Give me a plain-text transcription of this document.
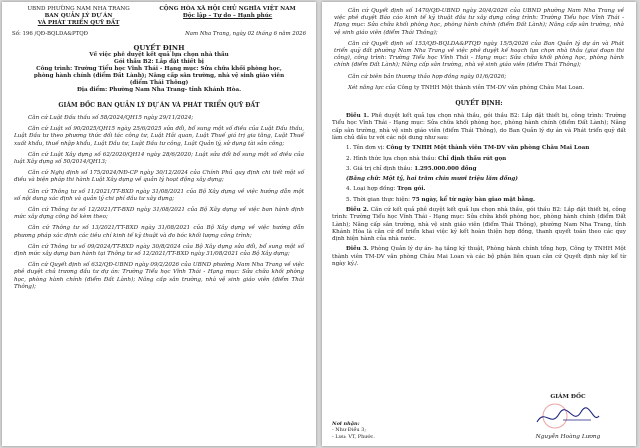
UBND PHƯỜNG NAM NHA TRANG
BAN QUẢN LÝ DỰ ÁN
VÀ PHÁT TRIỂN QUỸ ĐẤT
CỘNG HÒA XÃ HỘI CHỦ NGHĨA VIỆT NAM
Độc lập – Tự do – Hạnh phúc
Số: 196 /QĐ-BQLDA&PTQĐ	Nam Nha Trang, ngày 02 tháng 6 năm 2026
QUYẾT ĐỊNH
Về việc phê duyệt kết quả lựa chọn nhà thầu
Gói thầu B2: Lắp đặt thiết bị
Công trình: Trường Tiểu học Vĩnh Thái - Hạng mục: Sửa chữa khối phòng học,
phòng hành chính (điểm Đất Lành); Nâng cấp sân trường, nhà vệ sinh giáo viên
(điểm Thái Thông)
Địa điểm: Phường Nam Nha Trang- tỉnh Khánh Hòa.
GIÁM ĐỐC BAN QUẢN LÝ DỰ ÁN VÀ PHÁT TRIỂN QUỸ ĐẤT

Căn cứ Luật Đấu thầu số 58/2024/QH15 ngày 29/11/2024;

Căn cứ Luật số 90/2025/QH15 ngày 25/6/2025 sửa đổi, bổ sung một số điều của Luật Đấu thầu, Luật Đầu tư theo phương thức đối tác công tư, Luật Hải quan, Luật Thuế giá trị gia tăng, Luật Thuế xuất khẩu, thuế nhập khẩu, Luật Đầu tư, Luật Đầu tư công, Luật Quản lý, sử dụng tài sản công;

Căn cứ Luật Xây dựng số 62/2020/QH14 ngày 28/6/2020; Luật sửa đổi bổ sung một số điều của luật Xây dựng số 50/2014/QH13;

Căn cứ Nghị định số 175/2024/NĐ-CP ngày 30/12/2024 của Chính Phủ quy định chi tiết một số điều và biện pháp thi hành Luật Xây dựng về quản lý hoạt động xây dựng;

Căn cứ Thông tư số 11/2021/TT-BXD ngày 31/08/2021 của Bộ Xây dựng về việc hướng dẫn một số nội dung xác định và quản lý chi phí đầu tư xây dựng;

Căn cứ Thông tư số 12/2021/TT-BXD ngày 31/08/2021 của Bộ Xây dựng về việc ban hành định mức xây dựng công bố kèm theo;

Căn cứ Thông tư số 13/2021/TT-BXD ngày 31/08/2021 của Bộ Xây dựng về việc hướng dẫn phương pháp xác định các tiêu chí kinh tế kỹ thuật và đo bóc khối lượng công trình;

Căn cứ Thông tư số 09/2024/TT-BXD ngày 30/8/2024 của Bộ Xây dựng sửa đổi, bổ sung một số định mức xây dựng ban hành tại Thông tư số 12/2021/TT-BXD ngày 31/08/2021 của Bộ Xây dựng;

Căn cứ Quyết định số 632/QĐ-UBND ngày 09/2/2026 của UBND phường Nam Nha Trang về việc phê duyệt chủ trương đầu tư dự án: Trường Tiểu học Vĩnh Thái - Hạng mục: Sửa chữa khối phòng học, phòng hành chính (điểm Đất Lành); Nâng cấp sân trường, nhà vệ sinh giáo viên (điểm Thái Thông);

Căn cứ Quyết định số 1470/QĐ-UBND ngày 20/4/2026 của UBND phường Nam Nha Trang về việc phê duyệt Báo cáo kinh tế kỹ thuật đầu tư xây dựng công trình: Trường Tiểu học Vĩnh Thái - Hạng mục: Sửa chữa khối phòng học, phòng hành chính (điểm Đất Lành); Nâng cấp sân trường, nhà vệ sinh giáo viên (điểm Thái Thông);

Căn cứ Quyết định số 153/QĐ-BQLDA&PTQĐ ngày 15/5/2026 của Ban Quản lý dự án và Phát triển quỹ đất phường Nam Nha Trang về việc phê duyệt kế hoạch lựa chọn nhà thầu (giai đoạn thi công), công trình: Trường Tiểu học Vĩnh Thái - Hạng mục: Sửa chữa khối phòng học, phòng hành chính (điểm Đất Lành); Nâng cấp sân trường, nhà vệ sinh giáo viên (điểm Thái Thông);

Căn cứ biên bản thương thảo hợp đồng ngày 01/6/2026;

Xét năng lực của Công ty TNHH Một thành viên TM-DV văn phòng Châu Mai Loan.

QUYẾT ĐỊNH:

Điều 1. Phê duyệt kết quả lựa chọn nhà thầu, gói thầu B2: Lắp đặt thiết bị, công trình: Trường Tiểu học Vĩnh Thái - Hạng mục: Sửa chữa khối phòng học, phòng hành chính (điểm Đất Lành); Nâng cấp sân trường, nhà vệ sinh giáo viên (điểm Thái Thông), do Ban Quản lý dự án và Phát triển quỹ đất làm chủ đầu tư với các nội dung như sau:

1. Tên đơn vị: Công ty TNHH Một thành viên TM-DV văn phòng Châu Mai Loan

2. Hình thức lựa chọn nhà thầu: Chỉ định thầu rút gọn

3. Giá trị chỉ định thầu: 1.295.000.000 đồng

(Bằng chữ: Một tỷ, hai trăm chín mươi triệu lăm đồng)

4. Loại hợp đồng: Trọn gói.

5. Thời gian thực hiện: 75 ngày, kể từ ngày bàn giao mặt bằng.

Điều 2. Căn cứ kết quả phê duyệt kết quả lựa chọn nhà thầu, gói thầu B2: Lắp đặt thiết bị, công trình: Trường Tiểu học Vĩnh Thái - Hạng mục: Sửa chữa khối phòng học, phòng hành chính (điểm Đất Lành); Nâng cấp sân trường, nhà vệ sinh giáo viên (điểm Thái Thông), phường Nam Nha Trang, tỉnh Khánh Hòa là căn cứ để triển khai việc ký kết hoàn thiện hợp đồng, thanh quyết toán theo các quy định hiện hành của nhà nước.

Điều 3. Phòng Quản lý dự án- hạ tầng kỹ thuật, Phòng hành chính tổng hợp, Công ty TNHH Một thành viên TM-DV văn phòng Châu Mai Loan và các bộ phận liên quan căn cứ Quyết định này kể từ ngày ký./.

Nơi nhận:
- Như Điều 3;
- Lưu: VT, Phước.
GIÁM ĐỐC
Nguyễn Hoàng Lương
